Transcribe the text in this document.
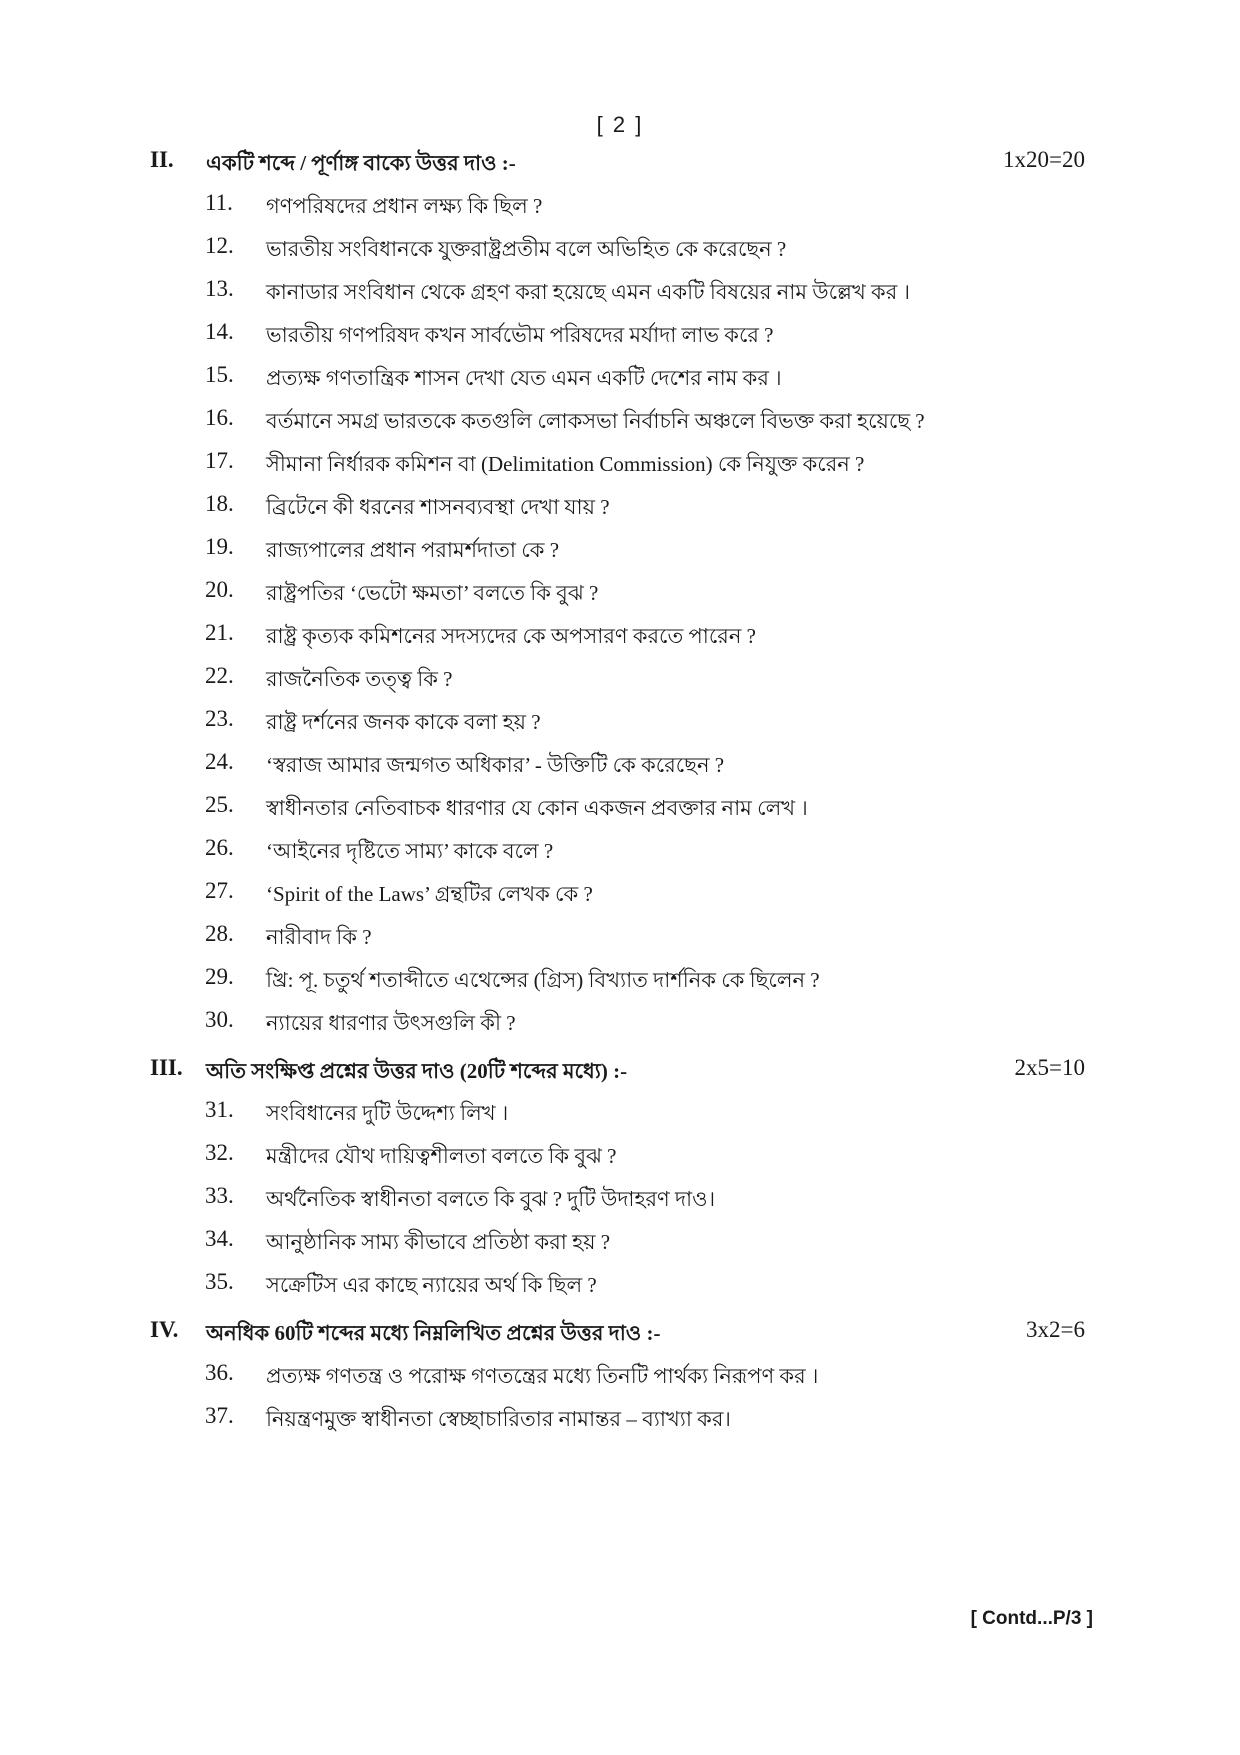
[ 2 ]
II. একটি শব্দে / পূর্ণাঙ্গ বাক্যে উত্তর দাও :-	1x20=20
11.	গণপরিষদের প্রধান লক্ষ্য কি ছিল ?
12.	ভারতীয় সংবিধানকে যুক্তরাষ্ট্রপ্রতীম বলে অভিহিত কে করেছেন ?
13.	কানাডার সংবিধান থেকে গ্রহণ করা হয়েছে এমন একটি বিষয়ের নাম উল্লেখ কর ।
14.	ভারতীয় গণপরিষদ কখন সার্বভৌম পরিষদের মর্যাদা লাভ করে ?
15.	প্রত্যক্ষ গণতান্ত্রিক শাসন দেখা যেত এমন একটি দেশের নাম কর ।
16.	বর্তমানে সমগ্র ভারতকে কতগুলি লোকসভা নির্বাচনি অঞ্চলে বিভক্ত করা হয়েছে ?
17.	সীমানা নির্ধারক কমিশন বা (Delimitation Commission) কে নিযুক্ত করেন ?
18.	ব্রিটেনে কী ধরনের শাসনব্যবস্থা দেখা যায় ?
19.	রাজ্যপালের প্রধান পরামর্শদাতা কে ?
20.	রাষ্ট্রপতির ‘ভেটো ক্ষমতা’ বলতে কি বুঝ ?
21.	রাষ্ট্র কৃত্যক কমিশনের সদস্যদের কে অপসারণ করতে পারেন ?
22.	রাজনৈতিক তত্ত্ব কি ?
23.	রাষ্ট্র দর্শনের জনক কাকে বলা হয় ?
24.	‘স্বরাজ আমার জন্মগত অধিকার’ - উক্তিটি কে করেছেন ?
25.	স্বাধীনতার নেতিবাচক ধারণার যে কোন একজন প্রবক্তার নাম লেখ ।
26.	‘আইনের দৃষ্টিতে সাম্য’ কাকে বলে ?
27.	‘Spirit of the Laws’ গ্রন্থটির লেখক কে ?
28.	নারীবাদ কি ?
29.	খ্রি: পূ. চতুর্থ শতাব্দীতে এথেন্সের (গ্রিস) বিখ্যাত দার্শনিক কে ছিলেন ?
30.	ন্যায়ের ধারণার উৎসগুলি কী ?
III. অতি সংক্ষিপ্ত প্রশ্নের উত্তর দাও (20টি শব্দের মধ্যে) :-	2x5=10
31.	সংবিধানের দুটি উদ্দেশ্য লিখ ।
32.	মন্ত্রীদের যৌথ দায়িত্বশীলতা বলতে কি বুঝ ?
33.	অর্থনৈতিক স্বাধীনতা বলতে কি বুঝ ? দুটি উদাহরণ দাও।
34.	আনুষ্ঠানিক সাম্য কীভাবে প্রতিষ্ঠা করা হয় ?
35.	সক্রেটিস এর কাছে ন্যায়ের অর্থ কি ছিল ?
IV. অনধিক 60টি শব্দের মধ্যে নিম্নলিখিত প্রশ্নের উত্তর দাও :-	3x2=6
36.	প্রত্যক্ষ গণতন্ত্র ও পরোক্ষ গণতন্ত্রের মধ্যে তিনটি পার্থক্য নিরূপণ কর ।
37.	নিয়ন্ত্রণমুক্ত স্বাধীনতা স্বেচ্ছাচারিতার নামান্তর – ব্যাখ্যা কর।
[ Contd...P/3 ]
